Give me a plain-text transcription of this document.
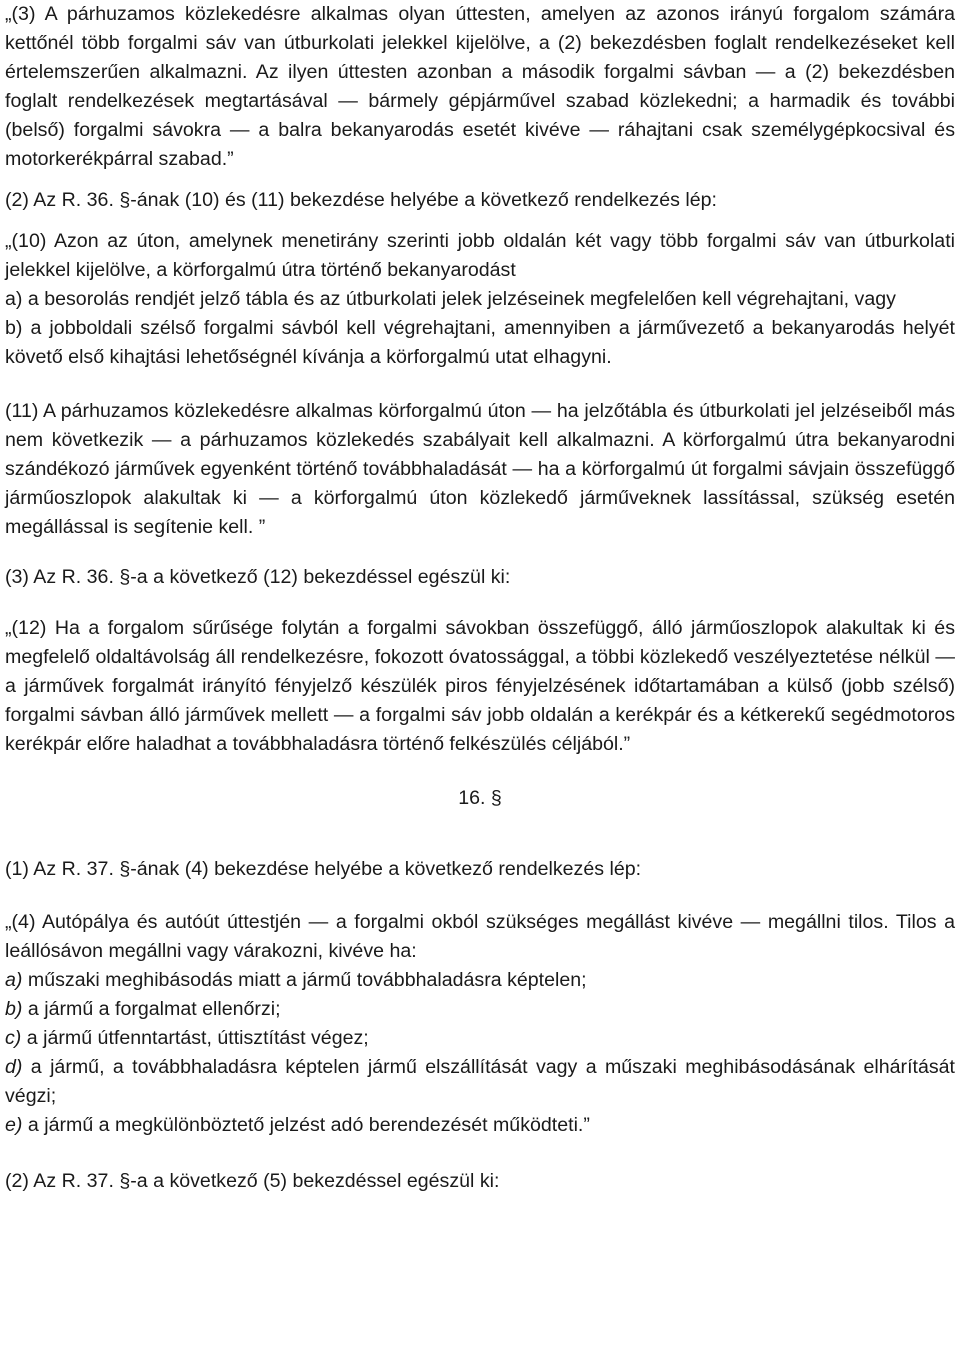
„(3) A párhuzamos közlekedésre alkalmas olyan úttesten, amelyen az azonos irányú forgalom számára kettőnél több forgalmi sáv van útburkolati jelekkel kijelölve, a (2) bekezdésben foglalt rendelkezéseket kell értelemszerűen alkalmazni. Az ilyen úttesten azonban a második forgalmi sávban ― a (2) bekezdésben foglalt rendelkezések megtartásával ― bármely gépjárművel szabad közlekedni; a harmadik és további (belső) forgalmi sávokra ― a balra bekanyarodás esetét kivéve ― ráhajtani csak személygépkocsival és motorkerékpárral szabad.”

(2) Az R. 36. §-ának (10) és (11) bekezdése helyébe a következő rendelkezés lép:

„(10) Azon az úton, amelynek menetirány szerinti jobb oldalán két vagy több forgalmi sáv van útburkolati jelekkel kijelölve, a körforgalmú útra történő bekanyarodást

a) a besorolás rendjét jelző tábla és az útburkolati jelek jelzéseinek megfelelően kell végrehajtani, vagy

b) a jobboldali szélső forgalmi sávból kell végrehajtani, amennyiben a járművezető a bekanyarodás helyét követő első kihajtási lehetőségnél kívánja a körforgalmú utat elhagyni.

(11) A párhuzamos közlekedésre alkalmas körforgalmú úton ― ha jelzőtábla és útburkolati jel jelzéseiből más nem következik ― a párhuzamos közlekedés szabályait kell alkalmazni. A körforgalmú útra bekanyarodni szándékozó járművek egyenként történő továbbhaladását ― ha a körforgalmú út forgalmi sávjain összefüggő járműoszlopok alakultak ki ― a körforgalmú úton közlekedő járműveknek lassítással, szükség esetén megállással is segítenie kell. ”

(3) Az R. 36. §-a a következő (12) bekezdéssel egészül ki:

„(12) Ha a forgalom sűrűsége folytán a forgalmi sávokban összefüggő, álló járműoszlopok alakultak ki és megfelelő oldaltávolság áll rendelkezésre, fokozott óvatossággal, a többi közlekedő veszélyeztetése nélkül ― a járművek forgalmát irányító fényjelző készülék piros fényjelzésének időtartamában a külső (jobb szélső) forgalmi sávban álló járművek mellett ― a forgalmi sáv jobb oldalán a kerékpár és a kétkerekű segédmotoros kerékpár előre haladhat a továbbhaladásra történő felkészülés céljából.”

16. §

(1) Az R. 37. §-ának (4) bekezdése helyébe a következő rendelkezés lép:

„(4) Autópálya és autóút úttestjén ― a forgalmi okból szükséges megállást kivéve ― megállni tilos. Tilos a leállósávon megállni vagy várakozni, kivéve ha:

a) műszaki meghibásodás miatt a jármű továbbhaladásra képtelen;

b) a jármű a forgalmat ellenőrzi;

c) a jármű útfenntartást, úttisztítást végez;

d) a jármű, a továbbhaladásra képtelen jármű elszállítását vagy a műszaki meghibásodásának elhárítását végzi;

e) a jármű a megkülönböztető jelzést adó berendezését működteti.”

(2) Az R. 37. §-a a következő (5) bekezdéssel egészül ki:
